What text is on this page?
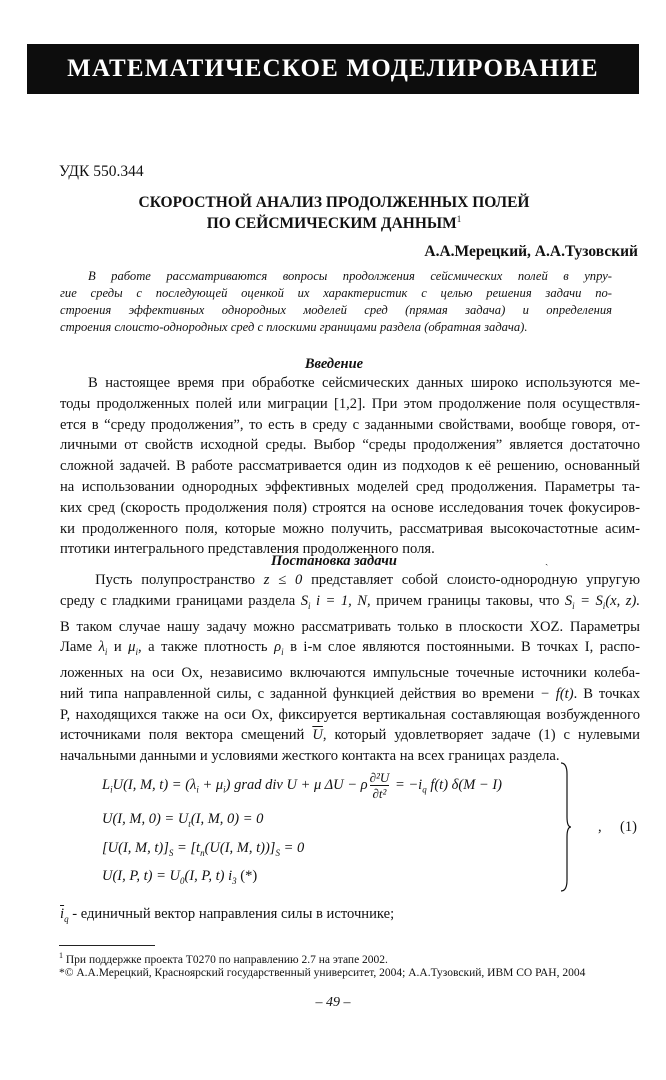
МАТЕМАТИЧЕСКОЕ МОДЕЛИРОВАНИЕ
УДК 550.344
СКОРОСТНОЙ АНАЛИЗ ПРОДОЛЖЕННЫХ ПОЛЕЙ
ПО СЕЙСМИЧЕСКИМ ДАННЫМ$^1$
А.А.Мерецкий, А.А.Тузовский
В работе рассматриваются вопросы продолжения сейсмических полей в упру-
гие среды с последующей оценкой их характеристик с целью решения задачи по-
строения эффективных однородных моделей сред (прямая задача) и определения
строения слоисто-однородных сред с плоскими границами раздела (обратная задача).
Введение
В настоящее время при обработке сейсмических данных широко используются ме-
тоды продолженных полей или миграции [1,2]. При этом продолжение поля осуществля-
ется в “среду продолжения”, то есть в среду с заданными свойствами, вообще говоря, от-
личными от свойств исходной среды. Выбор “среды продолжения” является достаточно
сложной задачей. В работе рассматривается один из подходов к её решению, основанный
на использовании однородных эффективных моделей сред продолжения. Параметры та-
ких сред (скорость продолжения поля) строятся на основе исследования точек фокусиров-
ки продолженного поля, которые можно получить, рассматривая высокочастотные асим-
птотики интегрального представления продолженного поля.
Постановка задачи	ˏ
Пусть полупространство z ≤ 0 представляет собой слоисто-однородную упругую
среду с гладкими границами раздела $S_i$ i = 1, N, причем границы таковы, что $S_i = S_i(x$, z).
В таком случае нашу задачу можно рассматривать только в плоскости XOZ. Параметры
Ламе $\lambda_i$ и $\mu_i$, а также плотность $\rho_i$ в i-м слое являются постоянными. В точках I, распо-
ложенных на оси Ox, независимо включаются импульсные точечные источники колеба-
ний типа направленной силы, с заданной функцией действия во времени − f(t). В точках
P, находящихся также на оси Ox, фиксируется вертикальная составляющая возбужденного
источниками поля вектора смещений $\overline{U}$, который удовлетворяет задаче (1) с нулевыми
начальными данными и условиями жесткого контакта на всех границах раздела.
$L_iU(I$, M, $t) = (\lambda_i + \mu_i)$ grad div U + μ ΔU − ρ $\frac{\text{∂²U}}{\text{∂t²}} = -i_q$ f(t) δ(M − I)
U(I, M, $0) = U_t(I$, M, 0) = 0
[U(I, M, $t)]_S = [t_n(U(I$, M, $t))]_S = 0$
U(I, P, $t) = U_0(I$, P, t) $i_3$ (*)
, (1)
$\overline{i}_q$ - единичный вектор направления силы в источнике;
$^1$ При поддержке проекта T0270 по направлению 2.7 на этапе 2002.
*© А.А.Мерецкий, Красноярский государственный университет, 2004; А.А.Тузовский, ИВМ СО РАН, 2004
– 49 –
